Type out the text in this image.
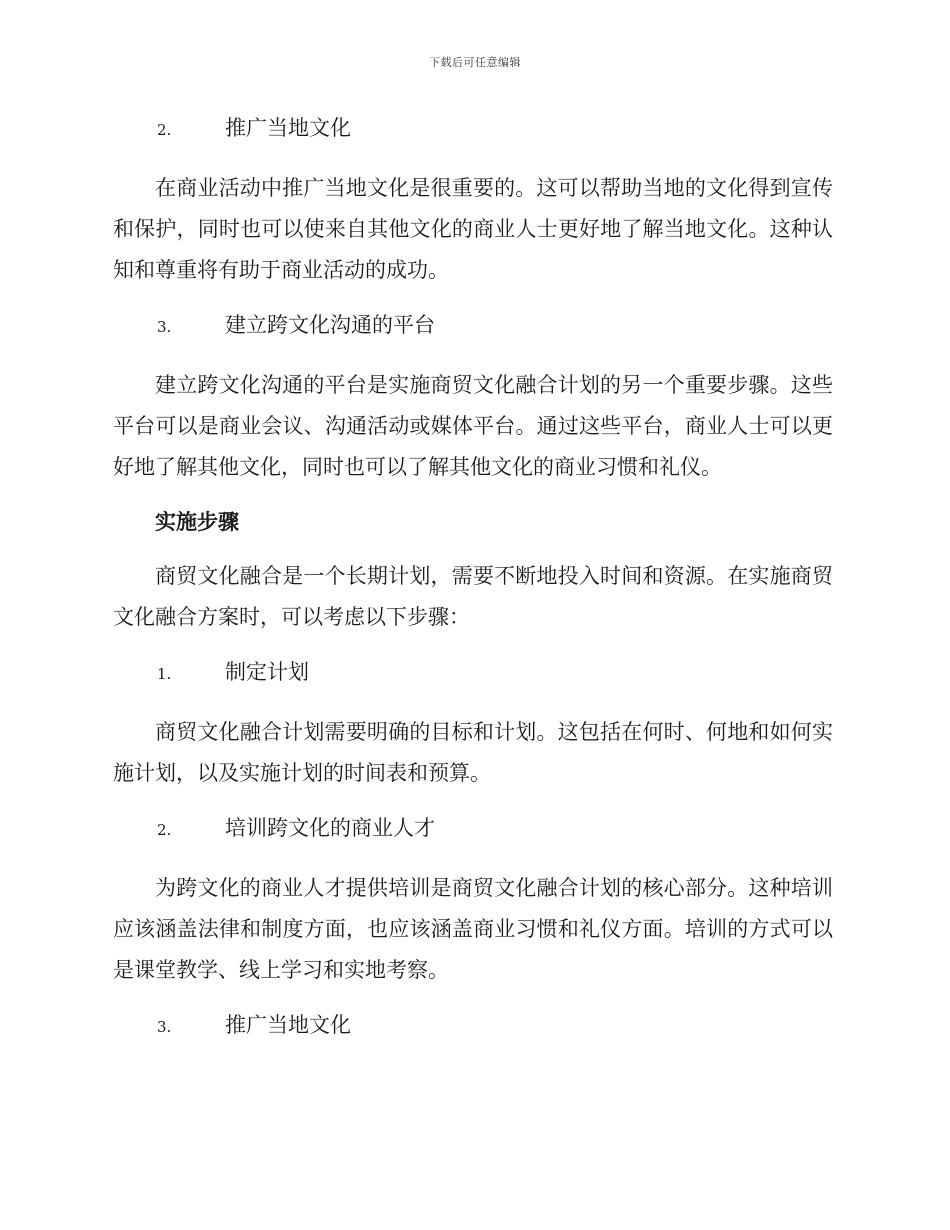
下载后可任意编辑
2.	推广当地文化

在商业活动中推广当地文化是很重要的。这可以帮助当地的文化得到宣传和保护，同时也可以使来自其他文化的商业人士更好地了解当地文化。这种认知和尊重将有助于商业活动的成功。

3.	建立跨文化沟通的平台

建立跨文化沟通的平台是实施商贸文化融合计划的另一个重要步骤。这些平台可以是商业会议、沟通活动或媒体平台。通过这些平台，商业人士可以更好地了解其他文化，同时也可以了解其他文化的商业习惯和礼仪。

实施步骤

商贸文化融合是一个长期计划，需要不断地投入时间和资源。在实施商贸文化融合方案时，可以考虑以下步骤：

1.	制定计划

商贸文化融合计划需要明确的目标和计划。这包括在何时、何地和如何实施计划，以及实施计划的时间表和预算。

2.	培训跨文化的商业人才

为跨文化的商业人才提供培训是商贸文化融合计划的核心部分。这种培训应该涵盖法律和制度方面，也应该涵盖商业习惯和礼仪方面。培训的方式可以是课堂教学、线上学习和实地考察。

3.	推广当地文化
